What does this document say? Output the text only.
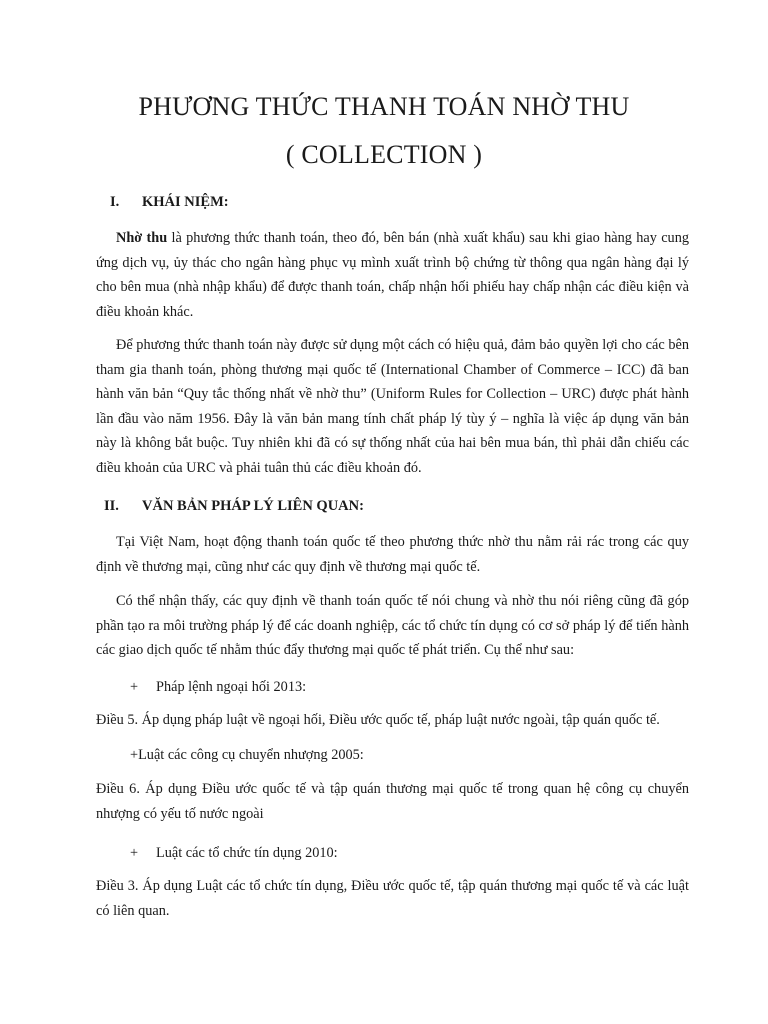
PHƯƠNG THỨC THANH TOÁN NHỜ THU
( COLLECTION )
I. KHÁI NIỆM:

Nhờ thu là phương thức thanh toán, theo đó, bên bán (nhà xuất khẩu) sau khi giao hàng hay cung ứng dịch vụ, ủy thác cho ngân hàng phục vụ mình xuất trình bộ chứng từ thông qua ngân hàng đại lý cho bên mua (nhà nhập khẩu) để được thanh toán, chấp nhận hối phiếu hay chấp nhận các điều kiện và điều khoản khác.

Để phương thức thanh toán này được sử dụng một cách có hiệu quả, đảm bảo quyền lợi cho các bên tham gia thanh toán, phòng thương mại quốc tế (International Chamber of Commerce – ICC) đã ban hành văn bản “Quy tắc thống nhất về nhờ thu” (Uniform Rules for Collection – URC) được phát hành lần đầu vào năm 1956. Đây là văn bản mang tính chất pháp lý tùy ý – nghĩa là việc áp dụng văn bản này là không bắt buộc. Tuy nhiên khi đã có sự thống nhất của hai bên mua bán, thì phải dẫn chiếu các điều khoản của URC và phải tuân thủ các điều khoản đó.

II. VĂN BẢN PHÁP LÝ LIÊN QUAN:

Tại Việt Nam, hoạt động thanh toán quốc tế theo phương thức nhờ thu nằm rải rác trong các quy định về thương mại, cũng như các quy định về thương mại quốc tế.

Có thể nhận thấy, các quy định về thanh toán quốc tế nói chung và nhờ thu nói riêng cũng đã góp phần tạo ra môi trường pháp lý để các doanh nghiệp, các tổ chức tín dụng có cơ sở pháp lý để tiến hành các giao dịch quốc tế nhằm thúc đẩy thương mại quốc tế phát triển. Cụ thể như sau:

+ Pháp lệnh ngoại hối 2013:

Điều 5. Áp dụng pháp luật về ngoại hối, Điều ước quốc tế, pháp luật nước ngoài, tập quán quốc tế.

+Luật các công cụ chuyển nhượng 2005:

Điều 6. Áp dụng Điều ước quốc tế và tập quán thương mại quốc tế trong quan hệ công cụ chuyển nhượng có yếu tố nước ngoài

+ Luật các tổ chức tín dụng 2010:

Điều 3. Áp dụng Luật các tổ chức tín dụng, Điều ước quốc tế, tập quán thương mại quốc tế và các luật có liên quan.
